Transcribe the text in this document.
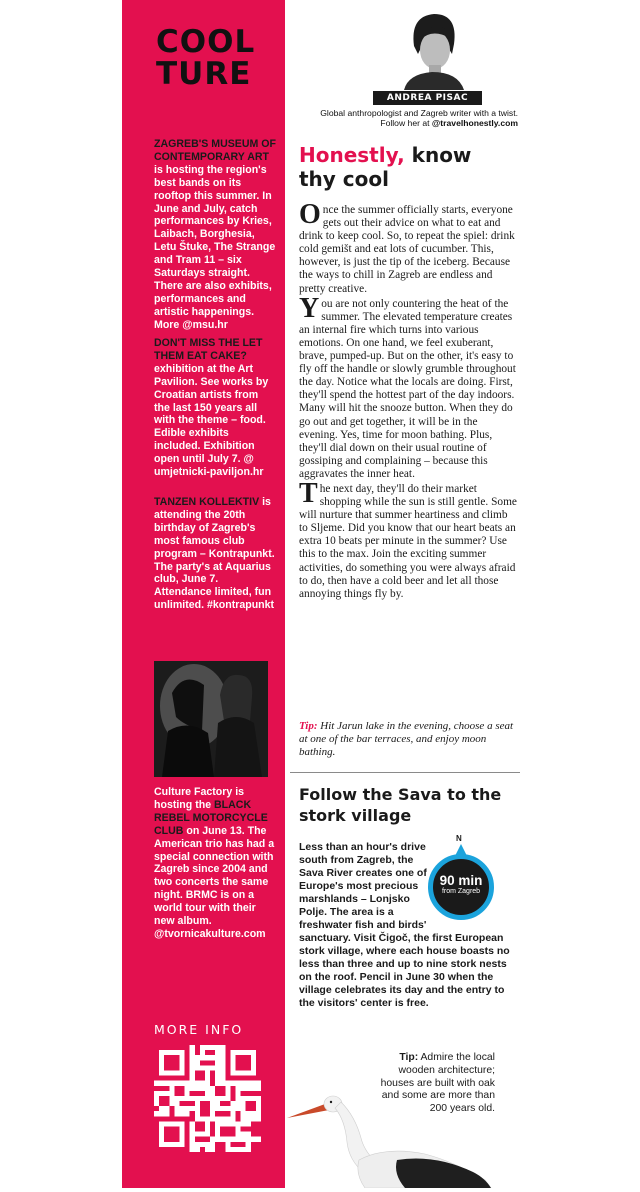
COOL
TURE
ZAGREB'S MUSEUM OF CONTEMPORARY ART is hosting the region's best bands on its rooftop this summer. In June and July, catch performances by Kries, Laibach, Borghesia, Letu Štuke, The Strange and Tram 11 – six Saturdays straight. There are also exhibits, performances and artistic happenings. More @msu.hr
DON'T MISS THE LET THEM EAT CAKE? exhibition at the Art Pavilion. See works by Croatian artists from the last 150 years all with the theme – food. Edible exhibits included. Exhibition open until July 7. @ umjetnicki-paviljon.hr
TANZEN KOLLEKTIV is attending the 20th birthday of Zagreb's most famous club program – Kontrapunkt. The party's at Aquarius club, June 7. Attendance limited, fun unlimited. #kontrapunkt
Culture Factory is hosting the BLACK REBEL MOTORCYCLE CLUB on June 13. The American trio has had a special connection with Zagreb since 2004 and two concerts the same night. BRMC is on a world tour with their new album. @tvornicakulture.com
MORE INFO
ANDREA PISAC
Global anthropologist and Zagreb writer with a twist. Follow her at @travelhonestly.com
Honestly, know thy cool

Once the summer officially starts, everyone gets out their advice on what to eat and drink to keep cool. So, to repeat the spiel: drink cold gemišt and eat lots of cucumber. This, however, is just the tip of the iceberg. Because the ways to chill in Zagreb are endless and pretty creative.

You are not only countering the heat of the summer. The elevated temperature creates an internal fire which turns into various emotions. On one hand, we feel exuberant, brave, pumped-up. But on the other, it's easy to fly off the handle or slowly grumble throughout the day. Notice what the locals are doing. First, they'll spend the hottest part of the day indoors. Many will hit the snooze button. When they do go out and get together, it will be in the evening. Yes, time for moon bathing. Plus, they'll dial down on their usual routine of gossiping and complaining – because this aggravates the inner heat.

The next day, they'll do their market shopping while the sun is still gentle. Some will nurture that summer heartiness and climb to Sljeme. Did you know that our heart beats an extra 10 beats per minute in the summer? Use this to the max. Join the exciting summer activities, do something you were always afraid to do, then have a cold beer and let all those annoying things fly by.

Tip: Hit Jarun lake in the evening, choose a seat at one of the bar terraces, and enjoy moon bathing.
Follow the Sava to the stork village
Less than an hour's drive south from Zagreb, the Sava River creates one of Europe's most precious marshlands – Lonjsko Polje. The area is a freshwater fish and birds' sanctuary. Visit Čigoč, the first European stork village, where each house boasts no less than three and up to nine stork nests on the roof. Pencil in June 30 when the village celebrates its day and the entry to the visitors' center is free.
N
90 min
from Zagreb
Tip: Admire the local wooden architecture; houses are built with oak and some are more than 200 years old.
